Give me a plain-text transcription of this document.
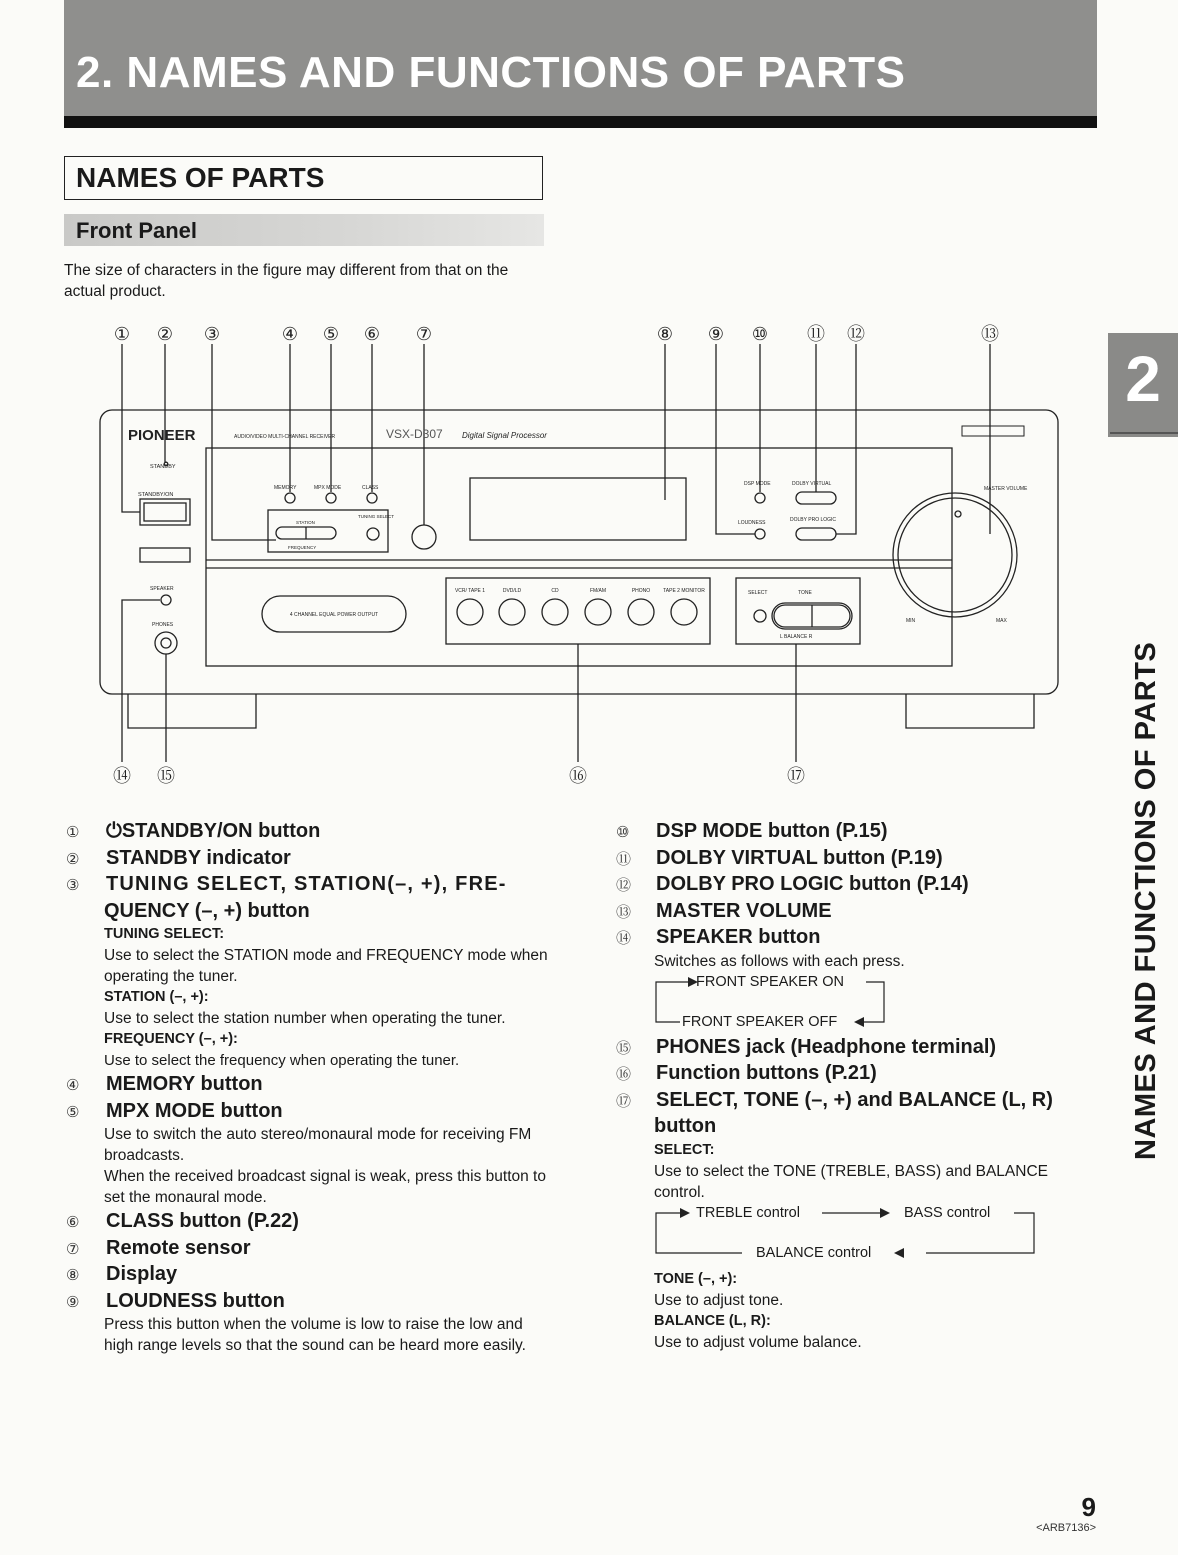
2. NAMES AND FUNCTIONS OF PARTS
NAMES OF PARTS
Front Panel
The size of characters in the figure may different from that on the actual product.
① ② ③	④ ⑤ ⑥ ⑦	⑧ ⑨ ⑩ ⑪ ⑫	⑬
⑭ ⑮	⑯	⑰
PIONEER	AUDIO/VIDEO MULTI-CHANNEL RECEIVER	VSX-D307 Digital Signal Processor
STANDBY
STANDBY/ON
MEMORY	MPX MODE	CLASS
TUNING SELECT
STATION
FREQUENCY
DSP MODE	DOLBY VIRTUAL
DOLBY PRO LOGIC
LOUDNESS
MASTER VOLUME
MIN	MAX
SPEAKER
PHONES
4 CHANNEL EQUAL POWER OUTPUT
VCR/ TAPE 1	DVD/LD	CD	FM/AM	PHONO	TAPE 2 MONITOR	SELECT	TONE
L BALANCE R
①	⏻STANDBY/ON button
②	STANDBY indicator
③	TUNING SELECT, STATION(–, +), FRE-
QUENCY (–, +) button
TUNING SELECT:
Use to select the STATION mode and FREQUENCY mode when operating the tuner.
STATION (–, +):
Use to select the station number when operating the tuner.
FREQUENCY (–, +):
Use to select the frequency when operating the tuner.
④	MEMORY button
⑤	MPX MODE button
Use to switch the auto stereo/monaural mode for receiving FM broadcasts.
When the received broadcast signal is weak, press this button to set the monaural mode.
⑥	CLASS button (P.22)
⑦	Remote sensor
⑧	Display
⑨	LOUDNESS button
Press this button when the volume is low to raise the low and high range levels so that the sound can be heard more easily.
⑩	DSP MODE button (P.15)
⑪	DOLBY VIRTUAL button (P.19)
⑫	DOLBY PRO LOGIC button (P.14)
⑬	MASTER VOLUME
⑭	SPEAKER button
Switches as follows with each press.
FRONT SPEAKER ON
FRONT SPEAKER OFF
⑮	PHONES jack (Headphone terminal)
⑯	Function buttons (P.21)
⑰	SELECT, TONE (–, +) and BALANCE (L, R)
button
SELECT:
Use to select the TONE (TREBLE, BASS) and BALANCE control.
TREBLE control	BASS control
BALANCE control
TONE (–, +):
Use to adjust tone.
BALANCE (L, R):
Use to adjust volume balance.
2
NAMES AND FUNCTIONS OF PARTS
9
<ARB7136>
